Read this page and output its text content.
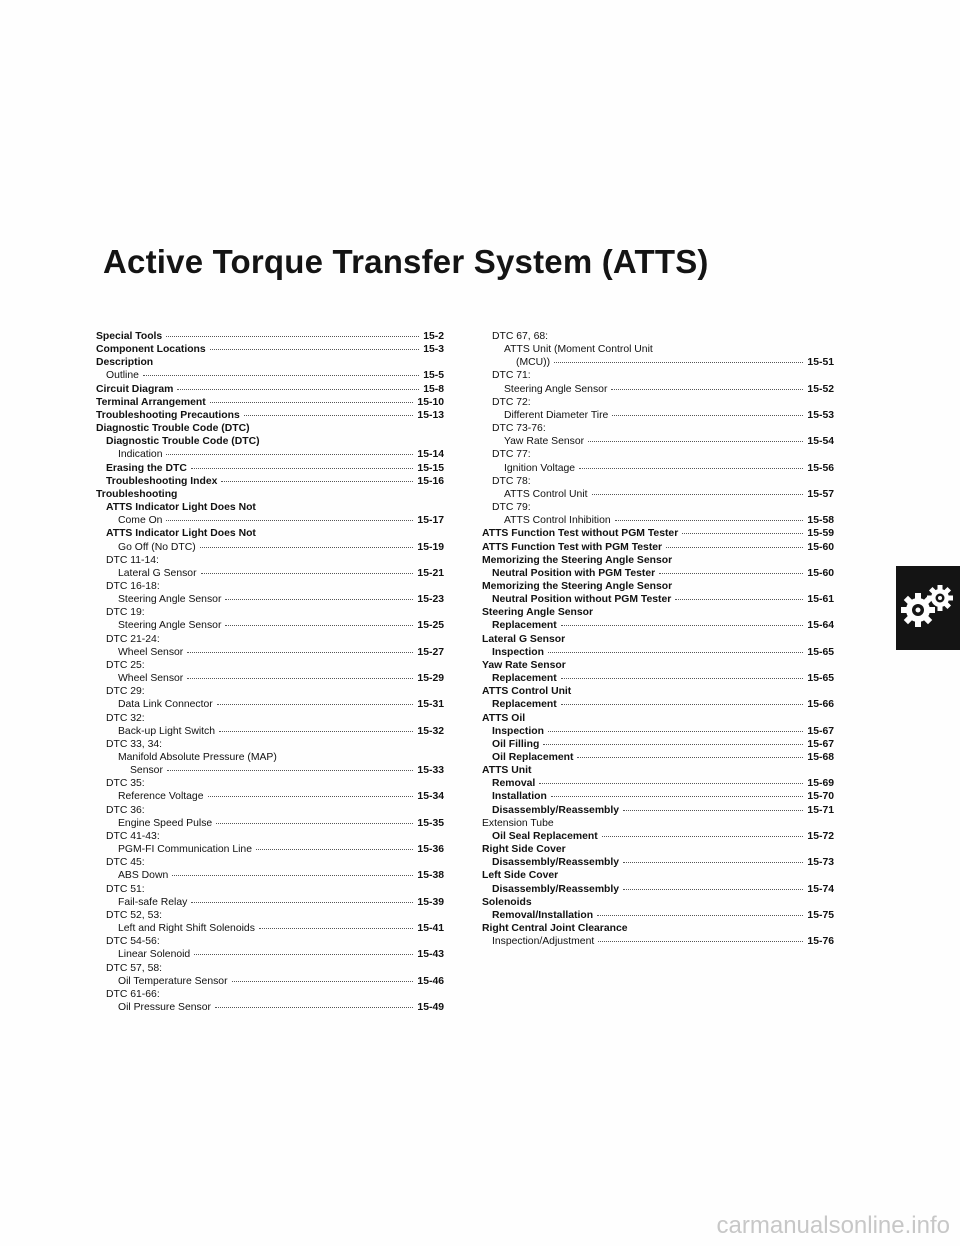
Active Torque Transfer System (ATTS)
Special Tools	15-2
Component Locations	15-3
Description
Outline	15-5
Circuit Diagram	15-8
Terminal Arrangement	15-10
Troubleshooting Precautions	15-13
Diagnostic Trouble Code (DTC)
Diagnostic Trouble Code (DTC)
Indication	15-14
Erasing the DTC	15-15
Troubleshooting Index	15-16
Troubleshooting
ATTS Indicator Light Does Not
Come On	15-17
ATTS Indicator Light Does Not
Go Off (No DTC)	15-19
DTC 11-14:
Lateral G Sensor	15-21
DTC 16-18:
Steering Angle Sensor	15-23
DTC 19:
Steering Angle Sensor	15-25
DTC 21-24:
Wheel Sensor	15-27
DTC 25:
Wheel Sensor	15-29
DTC 29:
Data Link Connector	15-31
DTC 32:
Back-up Light Switch	15-32
DTC 33, 34:
Manifold Absolute Pressure (MAP)
Sensor	15-33
DTC 35:
Reference Voltage	15-34
DTC 36:
Engine Speed Pulse	15-35
DTC 41-43:
PGM-FI Communication Line	15-36
DTC 45:
ABS Down	15-38
DTC 51:
Fail-safe Relay	15-39
DTC 52, 53:
Left and Right Shift Solenoids	15-41
DTC 54-56:
Linear Solenoid	15-43
DTC 57, 58:
Oil Temperature Sensor	15-46
DTC 61-66:
Oil Pressure Sensor	15-49
DTC 67, 68:
ATTS Unit (Moment Control Unit
(MCU))	15-51
DTC 71:
Steering Angle Sensor	15-52
DTC 72:
Different Diameter Tire	15-53
DTC 73-76:
Yaw Rate Sensor	15-54
DTC 77:
Ignition Voltage	15-56
DTC 78:
ATTS Control Unit	15-57
DTC 79:
ATTS Control Inhibition	15-58
ATTS Function Test without PGM Tester	15-59
ATTS Function Test with PGM Tester	15-60
Memorizing the Steering Angle Sensor
Neutral Position with PGM Tester	15-60
Memorizing the Steering Angle Sensor
Neutral Position without PGM Tester	15-61
Steering Angle Sensor
Replacement	15-64
Lateral G Sensor
Inspection	15-65
Yaw Rate Sensor
Replacement	15-65
ATTS Control Unit
Replacement	15-66
ATTS Oil
Inspection	15-67
Oil Filling	15-67
Oil Replacement	15-68
ATTS Unit
Removal	15-69
Installation	15-70
Disassembly/Reassembly	15-71
Extension Tube
Oil Seal Replacement	15-72
Right Side Cover
Disassembly/Reassembly	15-73
Left Side Cover
Disassembly/Reassembly	15-74
Solenoids
Removal/Installation	15-75
Right Central Joint Clearance
Inspection/Adjustment	15-76
carmanualsonline.info
